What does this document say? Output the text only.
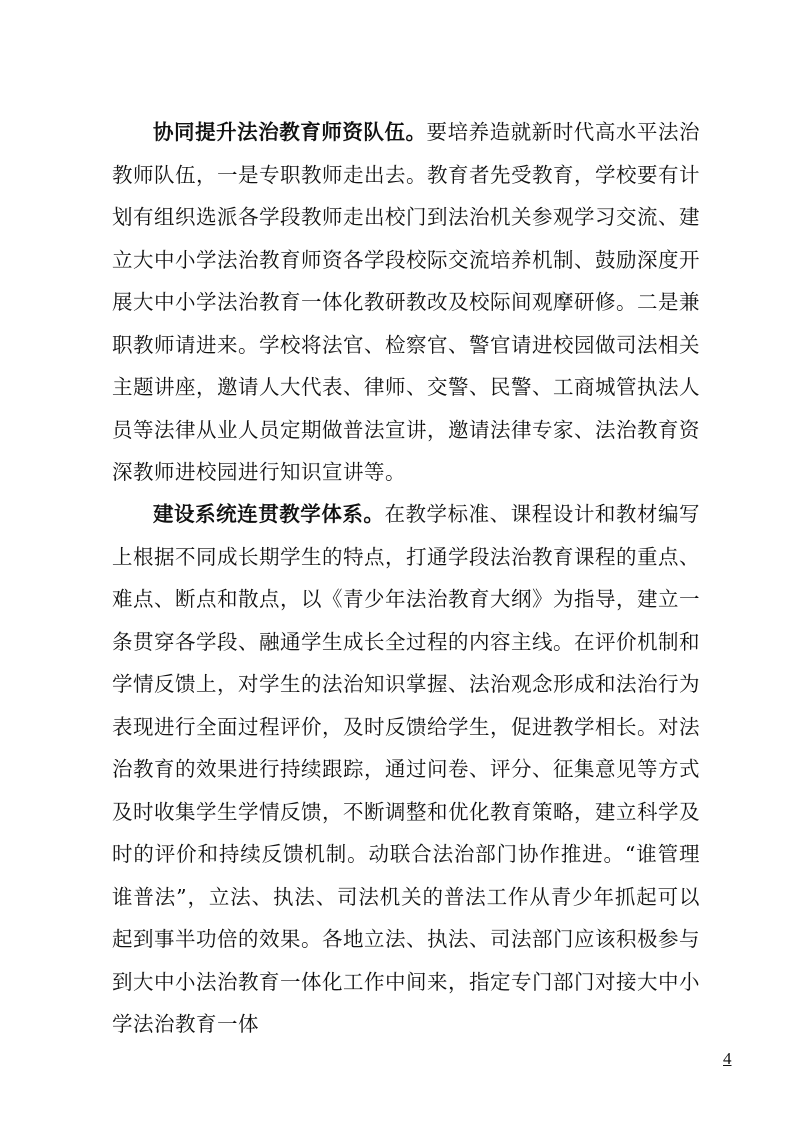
协同提升法治教育师资队伍。要培养造就新时代高水平法治教师队伍，一是专职教师走出去。教育者先受教育，学校要有计划有组织选派各学段教师走出校门到法治机关参观学习交流、建立大中小学法治教育师资各学段校际交流培养机制、鼓励深度开展大中小学法治教育一体化教研教改及校际间观摩研修。二是兼职教师请进来。学校将法官、检察官、警官请进校园做司法相关主题讲座，邀请人大代表、律师、交警、民警、工商城管执法人员等法律从业人员定期做普法宣讲，邀请法律专家、法治教育资深教师进校园进行知识宣讲等。

建设系统连贯教学体系。在教学标准、课程设计和教材编写上根据不同成长期学生的特点，打通学段法治教育课程的重点、难点、断点和散点，以《青少年法治教育大纲》为指导，建立一条贯穿各学段、融通学生成长全过程的内容主线。在评价机制和学情反馈上，对学生的法治知识掌握、法治观念形成和法治行为表现进行全面过程评价，及时反馈给学生，促进教学相长。对法治教育的效果进行持续跟踪，通过问卷、评分、征集意见等方式及时收集学生学情反馈，不断调整和优化教育策略，建立科学及时的评价和持续反馈机制。动联合法治部门协作推进。“谁管理谁普法”，立法、执法、司法机关的普法工作从青少年抓起可以起到事半功倍的效果。各地立法、执法、司法部门应该积极参与到大中小法治教育一体化工作中间来，指定专门部门对接大中小学法治教育一体

4
